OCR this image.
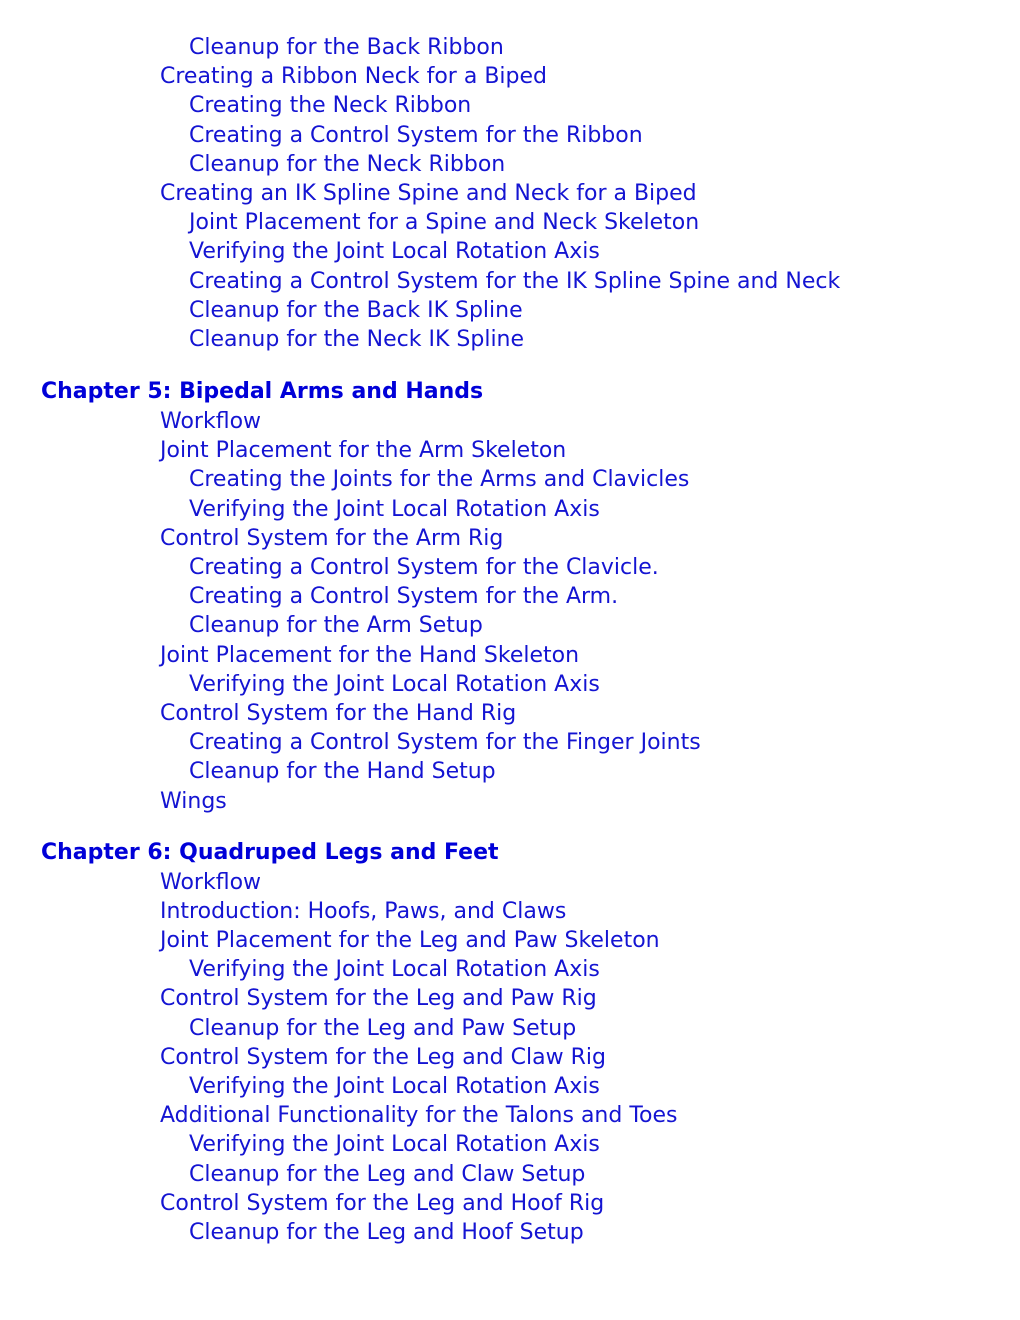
Cleanup for the Back Ribbon
Creating a Ribbon Neck for a Biped
Creating the Neck Ribbon
Creating a Control System for the Ribbon
Cleanup for the Neck Ribbon
Creating an IK Spline Spine and Neck for a Biped
Joint Placement for a Spine and Neck Skeleton
Verifying the Joint Local Rotation Axis
Creating a Control System for the IK Spline Spine and Neck
Cleanup for the Back IK Spline
Cleanup for the Neck IK Spline
Chapter 5: Bipedal Arms and Hands
Workflow
Joint Placement for the Arm Skeleton
Creating the Joints for the Arms and Clavicles
Verifying the Joint Local Rotation Axis
Control System for the Arm Rig
Creating a Control System for the Clavicle.
Creating a Control System for the Arm.
Cleanup for the Arm Setup
Joint Placement for the Hand Skeleton
Verifying the Joint Local Rotation Axis
Control System for the Hand Rig
Creating a Control System for the Finger Joints
Cleanup for the Hand Setup
Wings
Chapter 6: Quadruped Legs and Feet
Workflow
Introduction: Hoofs, Paws, and Claws
Joint Placement for the Leg and Paw Skeleton
Verifying the Joint Local Rotation Axis
Control System for the Leg and Paw Rig
Cleanup for the Leg and Paw Setup
Control System for the Leg and Claw Rig
Verifying the Joint Local Rotation Axis
Additional Functionality for the Talons and Toes
Verifying the Joint Local Rotation Axis
Cleanup for the Leg and Claw Setup
Control System for the Leg and Hoof Rig
Cleanup for the Leg and Hoof Setup
